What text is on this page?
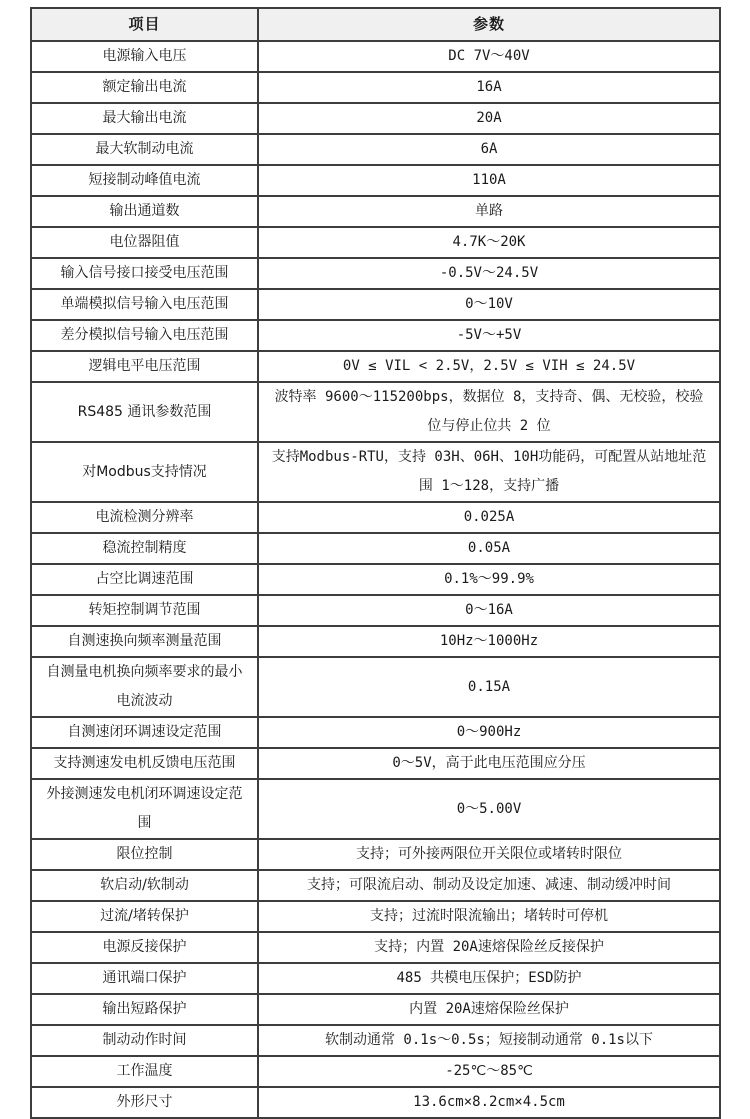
项目	参数
电源输入电压	DC 7V～40V
额定输出电流	16A
最大输出电流	20A
最大软制动电流	6A
短接制动峰值电流	110A
输出通道数	单路
电位器阻值	4.7K～20K
输入信号接口接受电压范围	-0.5V～24.5V
单端模拟信号输入电压范围	0～10V
差分模拟信号输入电压范围	-5V～+5V
逻辑电平电压范围	0V ≤ VIL < 2.5V，2.5V ≤ VIH ≤ 24.5V
RS485 通讯参数范围	波特率 9600～115200bps，数据位 8，支持奇、偶、无校验，校验位与停止位共 2 位
对Modbus支持情况	支持Modbus-RTU，支持 03H、06H、10H功能码，可配置从站地址范围 1～128，支持广播
电流检测分辨率	0.025A
稳流控制精度	0.05A
占空比调速范围	0.1%～99.9%
转矩控制调节范围	0～16A
自测速换向频率测量范围	10Hz～1000Hz
自测量电机换向频率要求的最小电流波动	0.15A
自测速闭环调速设定范围	0～900Hz
支持测速发电机反馈电压范围	0～5V，高于此电压范围应分压
外接测速发电机闭环调速设定范围	0～5.00V
限位控制	支持；可外接两限位开关限位或堵转时限位
软启动/软制动	支持；可限流启动、制动及设定加速、减速、制动缓冲时间
过流/堵转保护	支持；过流时限流输出；堵转时可停机
电源反接保护	支持；内置 20A速熔保险丝反接保护
通讯端口保护	485 共模电压保护；ESD防护
输出短路保护	内置 20A速熔保险丝保护
制动动作时间	软制动通常 0.1s～0.5s；短接制动通常 0.1s以下
工作温度	-25℃～85℃
外形尺寸	13.6cm×8.2cm×4.5cm
